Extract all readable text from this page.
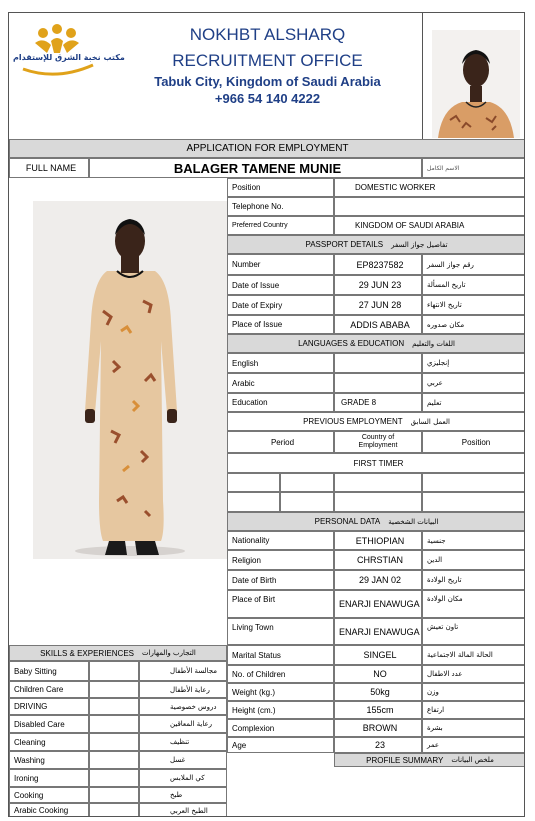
مكتب نخبة الشرق للإستقدام
NOKHBT ALSHARQ
RECRUITMENT OFFICE
Tabuk City, Kingdom of Saudi Arabia
+966 54 140 4222
APPLICATION FOR EMPLOYMENT
FULL NAME	BALAGER TAMENE MUNIE	الاسم الكامل
Position	DOMESTIC WORKER
Telephone No.
Preferred Country	KINGDOM OF SAUDI ARABIA
PASSPORT DETAILS تفاصيل جواز السفر
Number	EP8237582	رقم جواز السفر
Date of Issue	29 JUN 23	تاريخ المسألة
Date of Expiry	27 JUN 28	تاريخ الانتهاء
Place of Issue	ADDIS ABABA	مكان صدوره
LANGUAGES & EDUCATION اللغات والتعليم
English	إنجليزي
Arabic	عربي
Education	GRADE 8	تعليم
PREVIOUS EMPLOYMENT العمل السابق
Period	Country of Employment	Position
FIRST TIMER
PERSONAL DATA البيانات الشخصية
Nationality	ETHIOPIAN	جنسية
Religion	CHRSTIAN	الدين
Date of Birth	29 JAN 02	تاريخ الولادة
Place of Birt	ENARJI ENAWUGA	مكان الولادة
Living Town	ENARJI ENAWUGA	تاون تعيش
Marital Status	SINGEL	الحالة المالة الاجتماعية
No. of Children	NO	عدد الاطفال
Weight (kg.)	50kg	وزن
Height (cm.)	155cm	ارتفاع
Complexion	BROWN	بشرة
Age	23	عمر
PROFILE SUMMARY ملخص البيانات
SKILLS & EXPERIENCES التجارب والمهارات
Baby Sitting	مجالسة الأطفال
Children Care	رعاية الأطفال
DRIVING	دروس خصوصية
Disabled Care	رعاية المعاقين
Cleaning	تنظيف
Washing	غسل
Ironing	كي الملابس
Cooking	طبخ
Arabic Cooking	الطبخ العربي
